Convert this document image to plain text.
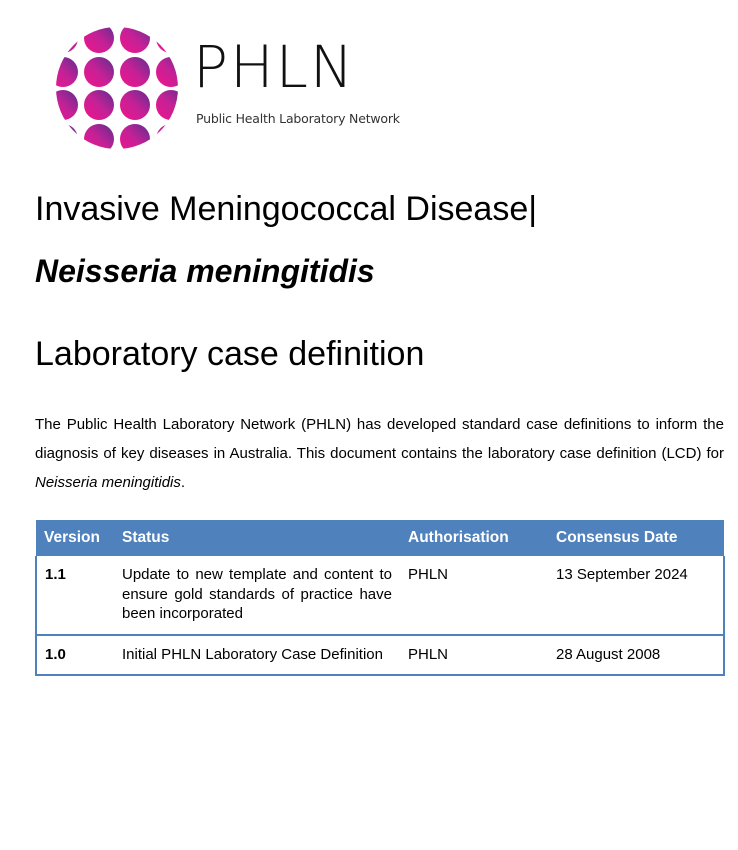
PHLN
Public Health Laboratory Network
Invasive Meningococcal Disease|
Neisseria meningitidis
Laboratory case definition

The Public Health Laboratory Network (PHLN) has developed standard case definitions to inform the diagnosis of key diseases in Australia. This document contains the laboratory case definition (LCD) for Neisseria meningitidis.

Version	Status	Authorisation	Consensus Date
1.1	Update to new template and content to ensure gold standards of practice have been incorporated	PHLN	13 September 2024
1.0	Initial PHLN Laboratory Case Definition	PHLN	28 August 2008
